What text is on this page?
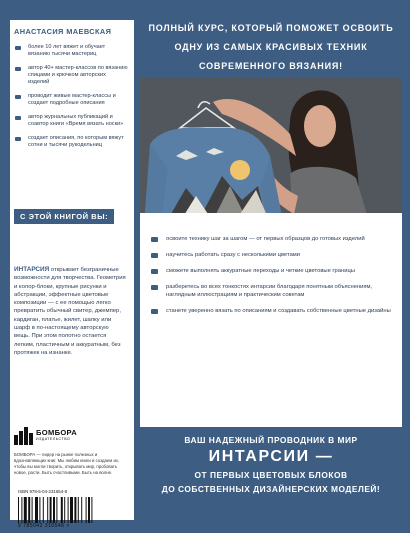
АНАСТАСИЯ МАЕВСКАЯ
более 10 лет вяжет и обучает вязанию тысячи мастериц
автор 40+ мастер-классов по вязанию спицами и крючком авторских изделий
проводит живые мастер-классы и создает подробные описания
автор журнальных публикаций и соавтор книги «Время вязать носки»
создает описания, по которым вяжут сотни и тысячи рукодельниц

ИНТАРСИЯ открывает безграничные возможности для творчества. Геометрия и колор-блоки, крупные рисунки и абстракции, эффектные цветовые композиции — с ее помощью легко превратить обычный свитер, джемпер, кардиган, платье, жилет, шапку или шарф в по-настоящему авторскую вещь. При этом полотно остается легким, пластичным и аккуратным, без протяжек на изнанке.

БОМБОРА
ИЗДАТЕЛЬСТВО

БОМБОРА — лидер на рынке полезных и вдохновляющих книг. Мы любим книги и создаем их, чтобы вы могли творить, открывать мир, пробовать новое, расти. Быть счастливыми. Быть на волне.

ISBN 978-5-04-231654-8
9 785042 316548 >
ПОЛНЫЙ КУРС, КОТОРЫЙ ПОМОЖЕТ ОСВОИТЬ
ОДНУ ИЗ САМЫХ КРАСИВЫХ ТЕХНИК
СОВРЕМЕННОГО ВЯЗАНИЯ!
освоите технику шаг за шагом — от первых образцов до готовых изделий
научитесь работать сразу с несколькими цветами
сможете выполнять аккуратные переходы и четкие цветовые границы
разберетесь во всех тонкостях интарсии благодаря понятным объяснениям, наглядным иллюстрациям и практическим советам
станете уверенно вязать по описаниям и создавать собственные цветные дизайны
С ЭТОЙ КНИГОЙ ВЫ:
ВАШ НАДЕЖНЫЙ ПРОВОДНИК В МИР
ИНТАРСИИ —
ОТ ПЕРВЫХ ЦВЕТОВЫХ БЛОКОВ
ДО СОБСТВЕННЫХ ДИЗАЙНЕРСКИХ МОДЕЛЕЙ!
